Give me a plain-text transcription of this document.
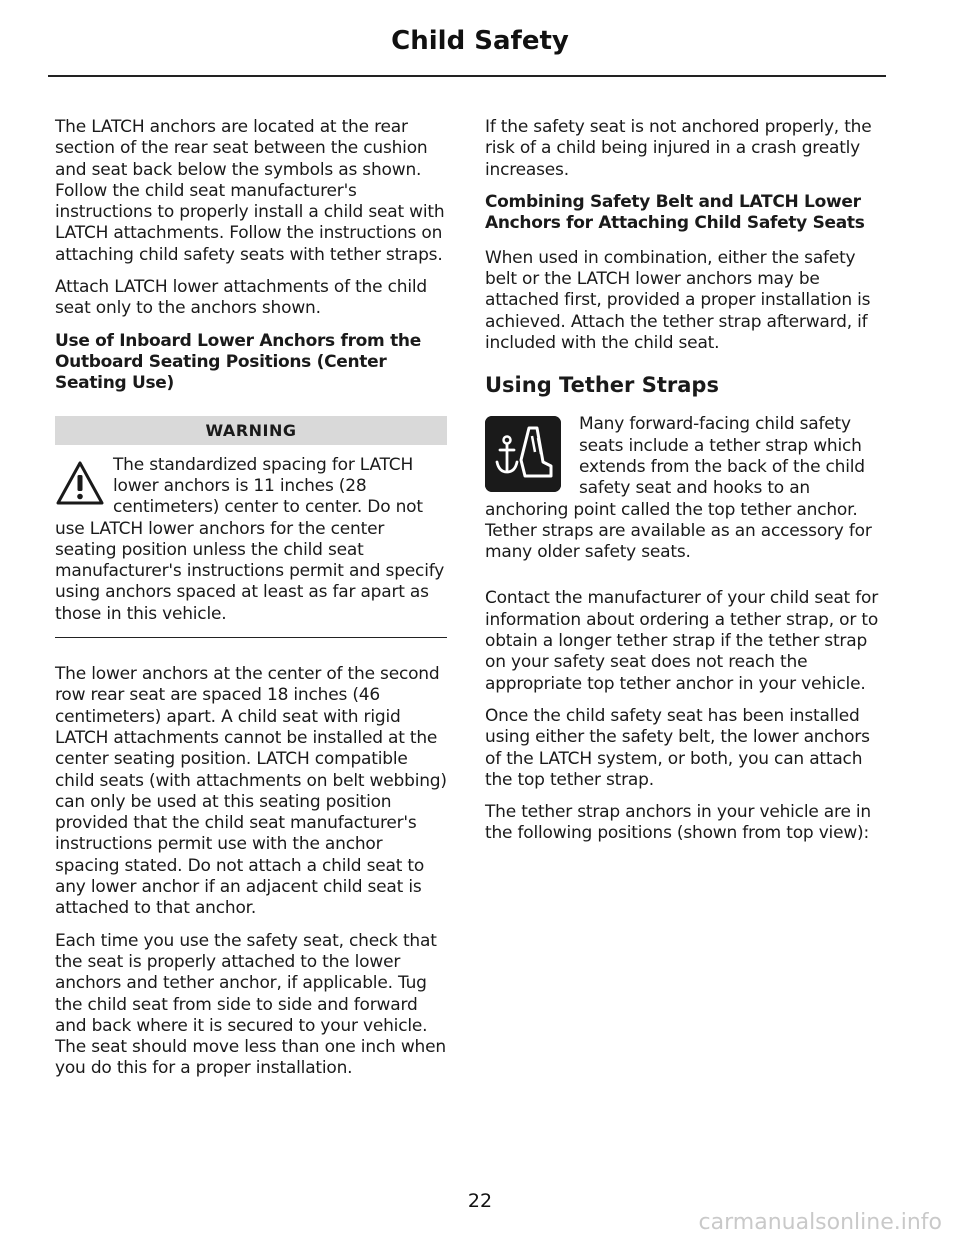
Child Safety

The LATCH anchors are located at the rear section of the rear seat between the cushion and seat back below the symbols as shown. Follow the child seat manufacturer's instructions to properly install a child seat with LATCH attachments. Follow the instructions on attaching child safety seats with tether straps.

Attach LATCH lower attachments of the child seat only to the anchors shown.

Use of Inboard Lower Anchors from the Outboard Seating Positions (Center Seating Use)
WARNING
The standardized spacing for LATCH lower anchors is 11 inches (28 centimeters) center to center. Do not use LATCH lower anchors for the center seating position unless the child seat manufacturer's instructions permit and specify using anchors spaced at least as far apart as those in this vehicle.

The lower anchors at the center of the second row rear seat are spaced 18 inches (46 centimeters) apart. A child seat with rigid LATCH attachments cannot be installed at the center seating position. LATCH compatible child seats (with attachments on belt webbing) can only be used at this seating position provided that the child seat manufacturer's instructions permit use with the anchor spacing stated. Do not attach a child seat to any lower anchor if an adjacent child seat is attached to that anchor.

Each time you use the safety seat, check that the seat is properly attached to the lower anchors and tether anchor, if applicable. Tug the child seat from side to side and forward and back where it is secured to your vehicle. The seat should move less than one inch when you do this for a proper installation.

If the safety seat is not anchored properly, the risk of a child being injured in a crash greatly increases.

Combining Safety Belt and LATCH Lower Anchors for Attaching Child Safety Seats

When used in combination, either the safety belt or the LATCH lower anchors may be attached first, provided a proper installation is achieved. Attach the tether strap afterward, if included with the child seat.

Using Tether Straps

Many forward-facing child safety seats include a tether strap which extends from the back of the child safety seat and hooks to an anchoring point called the top tether anchor. Tether straps are available as an accessory for many older safety seats.

Contact the manufacturer of your child seat for information about ordering a tether strap, or to obtain a longer tether strap if the tether strap on your safety seat does not reach the appropriate top tether anchor in your vehicle.

Once the child safety seat has been installed using either the safety belt, the lower anchors of the LATCH system, or both, you can attach the top tether strap.

The tether strap anchors in your vehicle are in the following positions (shown from top view):

22
carmanualsonline.info
